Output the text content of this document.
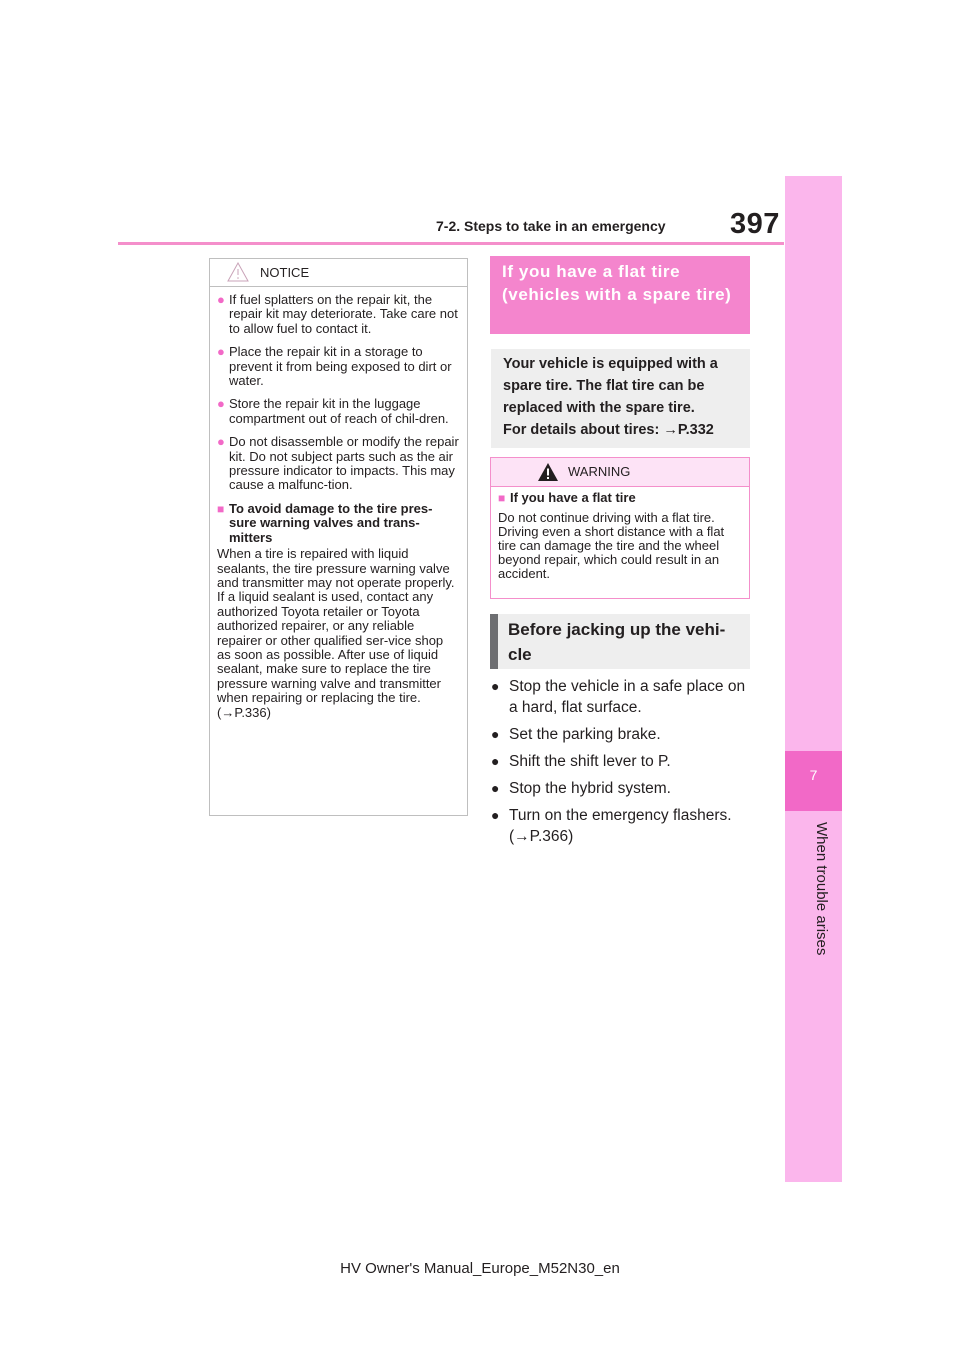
7-2. Steps to take in an emergency 397
7
When trouble arises
NOTICE
● If fuel splatters on the repair kit, the repair kit may deteriorate. Take care not to allow fuel to contact it.
● Place the repair kit in a storage to prevent it from being exposed to dirt or water.
● Store the repair kit in the luggage compartment out of reach of chil-dren.
● Do not disassemble or modify the repair kit. Do not subject parts such as the air pressure indicator to impacts. This may cause a malfunc-tion.
■ To avoid damage to the tire pres-sure warning valves and trans-mitters
When a tire is repaired with liquid sealants, the tire pressure warning valve and transmitter may not operate properly. If a liquid sealant is used, contact any authorized Toyota retailer or Toyota authorized repairer, or any reliable repairer or other qualified ser-vice shop as soon as possible. After use of liquid sealant, make sure to replace the tire pressure warning valve and transmitter when repairing or replacing the tire. (→P.336)
If you have a flat tire (vehicles with a spare tire)
Your vehicle is equipped with a spare tire. The flat tire can be replaced with the spare tire.
For details about tires: →P.332
WARNING
■ If you have a flat tire
Do not continue driving with a flat tire. Driving even a short distance with a flat tire can damage the tire and the wheel beyond repair, which could result in an accident.
Before jacking up the vehi-cle
● Stop the vehicle in a safe place on a hard, flat surface.
● Set the parking brake.
● Shift the shift lever to P.
● Stop the hybrid system.
● Turn on the emergency flashers. (→P.366)
HV Owner's Manual_Europe_M52N30_en
